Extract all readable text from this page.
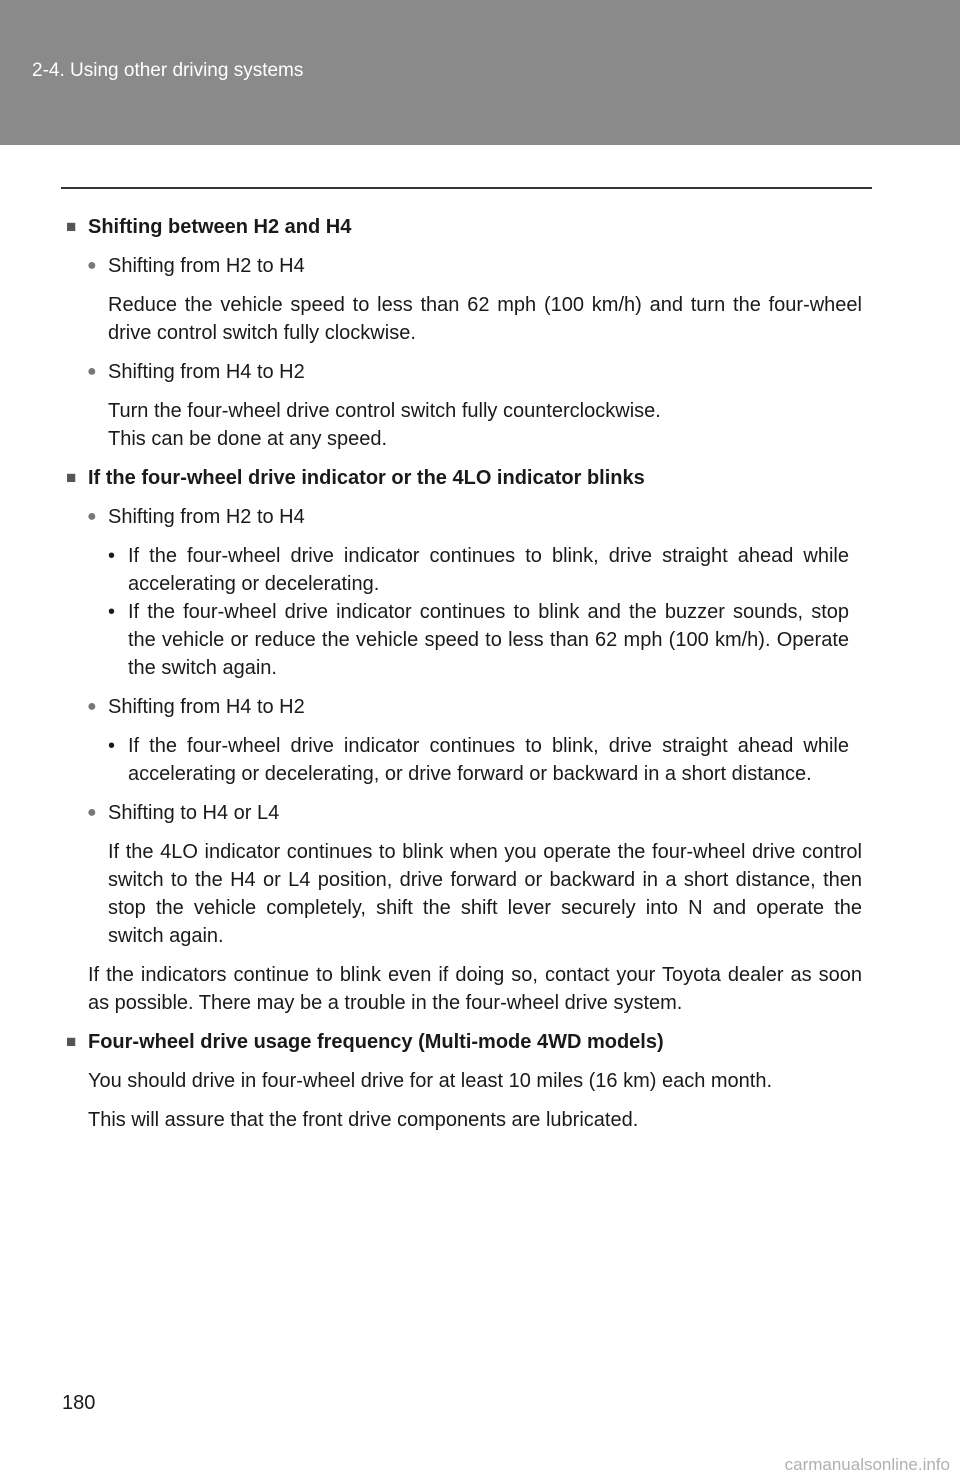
2-4. Using other driving systems
■ Shifting between H2 and H4
● Shifting from H2 to H4
Reduce the vehicle speed to less than 62 mph (100 km/h) and turn the four-wheel drive control switch fully clockwise.
● Shifting from H4 to H2
Turn the four-wheel drive control switch fully counterclockwise.
This can be done at any speed.
■ If the four-wheel drive indicator or the 4LO indicator blinks
● Shifting from H2 to H4
• If the four-wheel drive indicator continues to blink, drive straight ahead while accelerating or decelerating.
• If the four-wheel drive indicator continues to blink and the buzzer sounds, stop the vehicle or reduce the vehicle speed to less than 62 mph (100 km/h). Operate the switch again.
● Shifting from H4 to H2
• If the four-wheel drive indicator continues to blink, drive straight ahead while accelerating or decelerating, or drive forward or backward in a short distance.
● Shifting to H4 or L4
If the 4LO indicator continues to blink when you operate the four-wheel drive control switch to the H4 or L4 position, drive forward or backward in a short distance, then stop the vehicle completely, shift the shift lever securely into N and operate the switch again.
If the indicators continue to blink even if doing so, contact your Toyota dealer as soon as possible. There may be a trouble in the four-wheel drive system.
■ Four-wheel drive usage frequency (Multi-mode 4WD models)
You should drive in four-wheel drive for at least 10 miles (16 km) each month.
This will assure that the front drive components are lubricated.
180
carmanualsonline.info
